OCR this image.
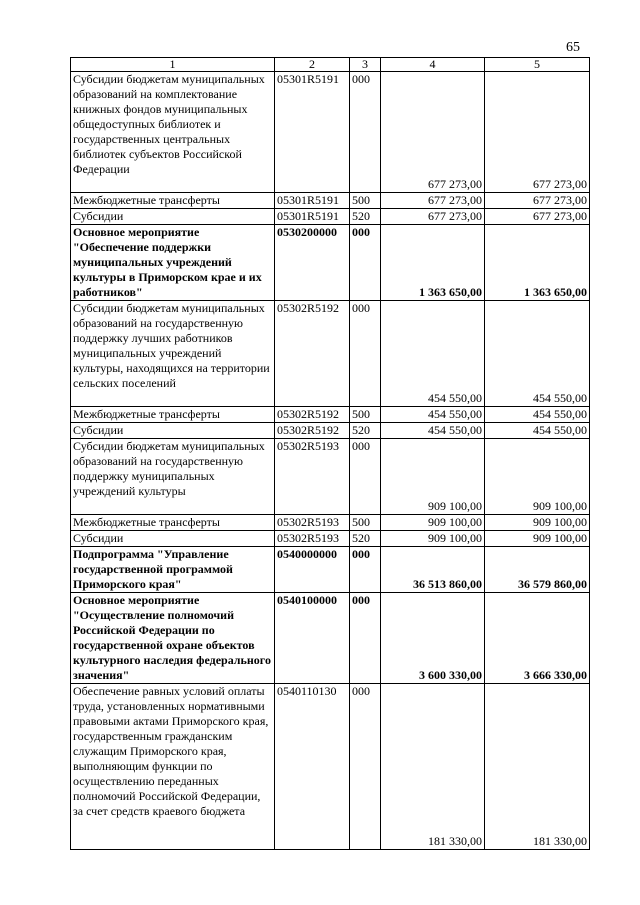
65
1	2	3	4	5
Субсидии бюджетам муниципальных образований на комплектование книжных фондов муниципальных общедоступных библиотек и государственных центральных библиотек субъектов Российской Федерации	05301R5191	000	677 273,00	677 273,00
Межбюджетные трансферты	05301R5191	500	677 273,00	677 273,00
Субсидии	05301R5191	520	677 273,00	677 273,00
Основное мероприятие "Обеспечение поддержки муниципальных учреждений культуры в Приморском крае и их работников"	0530200000	000	1 363 650,00	1 363 650,00
Субсидии бюджетам муниципальных образований на государственную поддержку лучших работников муниципальных учреждений культуры, находящихся на территории сельских поселений	05302R5192	000	454 550,00	454 550,00
Межбюджетные трансферты	05302R5192	500	454 550,00	454 550,00
Субсидии	05302R5192	520	454 550,00	454 550,00
Субсидии бюджетам муниципальных образований на государственную поддержку муниципальных учреждений культуры	05302R5193	000	909 100,00	909 100,00
Межбюджетные трансферты	05302R5193	500	909 100,00	909 100,00
Субсидии	05302R5193	520	909 100,00	909 100,00
Подпрограмма "Управление государственной программой Приморского края"	0540000000	000	36 513 860,00	36 579 860,00
Основное мероприятие "Осуществление полномочий Российской Федерации по государственной охране объектов культурного наследия федерального значения"	0540100000	000	3 600 330,00	3 666 330,00
Обеспечение равных условий оплаты труда, установленных нормативными правовыми актами Приморского края, государственным гражданским служащим Приморского края, выполняющим функции по осуществлению переданных полномочий Российской Федерации, за счет средств краевого бюджета	0540110130	000	181 330,00	181 330,00
